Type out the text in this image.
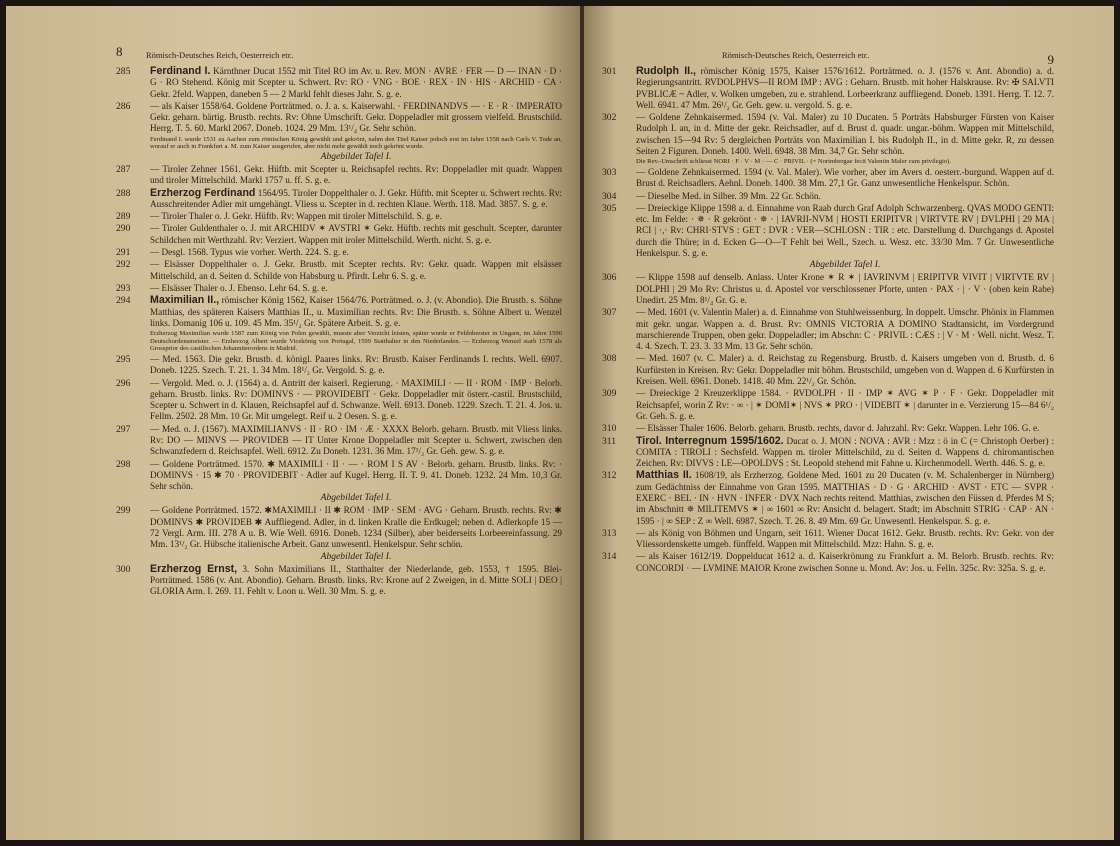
8	Römisch-Deutsches Reich, Oesterreich etc.
285 Ferdinand I. Kärnthner Ducat 1552 mit Titel RO im Av. u. Rev. MON · AVRE · FER — D — INAN · D · G · RO Stehend. König mit Scepter u. Schwert. Rv: RO · VNG · BOE · REX · IN · HIS · ARCHID · CA · Gekr. 2feld. Wappen, daneben 5 — 2 Markl fehlt dieses Jahr. S. g. e.
286 — als Kaiser 1558/64. Goldene Porträtmed. o. J. a. s. Kaiserwahl. · FERDINANDVS — · E · R · IMPERATO Gekr. geharn. bärtig. Brustb. rechts. Rv: Ohne Umschrift. Gekr. Doppeladler mit grossem vielfeld. Brustschild. Herrg. T. 5. 60. Markl 2067. Doneb. 1024. 29 Mm. 13¹/₄ Gr. Sehr schön.
Ferdinand I. wurde 1531 zu Aachen zum römischen König gewählt und gekrönt, nahm den Titel Kaiser jedoch erst im Jahre 1558 nach Carls V. Tode an, worauf er auch in Frankfurt a. M. zum Kaiser ausgerufen, aber nicht mehr gewählt noch gekrönt wurde.
Abgebildet Tafel I.
287 — Tiroler Zehner 1561. Gekr. Hüftb. mit Scepter u. Reichsapfel rechts. Rv: Doppeladler mit quadr. Wappen und tiroler Mittelschild. Markl 1757 u. ff. S. g. e.
288 Erzherzog Ferdinand 1564/95. Tiroler Doppelthaler o. J. Gekr. Hüftb. mit Scepter u. Schwert rechts. Rv: Ausschreitender Adler mit umgehängt. Vliess u. Scepter in d. rechten Klaue. Werth. 118. Mad. 3857. S. g. e.
289 — Tiroler Thaler o. J. Gekr. Hüftb. Rv: Wappen mit tiroler Mittelschild. S. g. e.
290 — Tiroler Guldenthaler o. J. mit ARCHIDV ✶ AVSTRI ✶ Gekr. Hüftb. rechts mit geschult. Scepter, darunter Schildchen mit Werthzahl. Rv: Verziert. Wappen mit iroler Mittelschild. Werth. nicht. S. g. e.
291 — Desgl. 1568. Typus wie vorher. Werth. 224. S. g. e.
292 — Elsässer Doppelthaler o. J. Gekr. Brustb. mit Scepter rechts. Rv: Gekr. quadr. Wappen mit elsässer Mittelschild, an d. Seiten d. Schilde von Habsburg u. Pfirdt. Lehr 6. S. g. e.
293 — Elsässer Thaler o. J. Ebenso. Lehr 64. S. g. e.
294 Maximilian II., römischer König 1562, Kaiser 1564/76. Porträtmed. o. J. (v. Abondio). Die Brustb. s. Söhne Matthias, des späteren Kaisers Matthias II., u. Maximilian rechts. Rv: Die Brustb. s. Söhne Albert u. Wenzel links. Domanig 106 u. 109. 45 Mm. 35¹/₂ Gr. Spätere Arbeit. S. g. e.
Erzherzog Maximilian wurde 1587 zum König von Polen gewählt, musste aber Verzicht leisten, später wurde er Feldoberster in Ungarn, im Jahre 1590 Deutschordensmeister. — Erzherzog Albert wurde Vicekönig von Portugal, 1599 Statthalter in den Niederlanden. — Erzherzog Wenzel starb 1578 als Grossprior des castilischen Johanniterordens in Madrid.
295 — Med. 1563. Die gekr. Brustb. d. königl. Paares links. Rv: Brustb. Kaiser Ferdinands I. rechts. Well. 6907. Doneb. 1225. Szech. T. 21. 1. 34 Mm. 18¹/₂ Gr. Vergold. S. g. e.
296 — Vergold. Med. o. J. (1564) a. d. Antritt der kaiserl. Regierung. · MAXIMILI · — II · ROM · IMP · Belorb. geharn. Brustb. links. Rv: DOMINVS · — PROVIDEBIT · Gekr. Doppeladler mit österr.-castil. Brustschild, Scepter u. Schwert in d. Klauen, Reichsapfel auf d. Schwanze. Well. 6913. Doneb. 1229. Szech. T. 21. 4. Jos. u. Fellm. 2502. 28 Mm. 10 Gr. Mit umgelegt. Reif u. 2 Oesen. S. g. e.
297 — Med. o. J. (1567). MAXIMILIANVS · II · RO · IM · Æ · XXXX Belorb. geharn. Brustb. mit Vliess links. Rv: DO — MINVS — PROVIDEB — IT Unter Krone Doppeladler mit Scepter u. Schwert, zwischen den Schwanzfedern d. Reichsapfel. Well. 6912. Zu Doneb. 1231. 36 Mm. 17¹/₂ Gr. Geh. gew. S. g. e.
298 — Goldene Porträtmed. 1570. ✱ MAXIMILI · II · — · ROM I S AV · Belorb. geharn. Brustb. links. Rv: · DOMINVS · 15 ✱ 70 · PROVIDEBIT · Adler auf Kugel. Herrg. II. T. 9. 41. Doneb. 1232. 24 Mm. 10,3 Gr. Sehr schön.
Abgebildet Tafel I.
299 — Goldene Porträtmed. 1572. ✱MAXIMILI · II ✱ ROM · IMP · SEM · AVG · Geharn. Brustb. rechts. Rv: ✱ DOMINVS ✱ PROVIDEB ✱ Auffliegend. Adler, in d. linken Kralle die Erdkugel; neben d. Adlerkopfe 15 — 72 Vergl. Arm. III. 278 A u. B. Wie Well. 6916. Doneb. 1234 (Silber), aber beiderseits Lorbeereinfassung. 29 Mm. 13¹/₂ Gr. Hübsche italienische Arbeit. Ganz unwesentl. Henkelspur. Sehr schön.
Abgebildet Tafel I.
300 Erzherzog Ernst, 3. Sohn Maximilians II., Statthalter der Niederlande, geb. 1553, † 1595. Blei-Porträtmed. 1586 (v. Ant. Abondio). Geharn. Brustb. links. Rv: Krone auf 2 Zweigen, in d. Mitte SOLI | DEO | GLORIA Arm. I. 269. 11. Fehlt v. Loon u. Well. 30 Mm. S. g. e.
Römisch-Deutsches Reich, Oesterreich etc.	9
301 Rudolph II., römischer König 1575, Kaiser 1576/1612. Porträtmed. o. J. (1576 v. Ant. Abondio) a. d. Regierungsantritt. RVDOLPHVS—II ROM IMP : AVG : Geharn. Brustb. mit hoher Halskrause. Rv: ✠ SALVTI PVBLICÆ ~ Adler, v. Wolken umgeben, zu e. strahlend. Lorbeerkranz auffliegend. Doneb. 1391. Herrg. T. 12. 7. Well. 6941. 47 Mm. 26¹/₂ Gr. Geh. gew. u. vergold. S. g. e.
302 — Goldene Zehnkaisermed. 1594 (v. Val. Maler) zu 10 Ducaten. 5 Porträts Habsburger Fürsten von Kaiser Rudolph I. an, in d. Mitte der gekr. Reichsadler, auf d. Brust d. quadr. ungar.-böhm. Wappen mit Mittelschild, zwischen 15—94 Rv: 5 dergleichen Porträts von Maximilian I. bis Rudolph II., in d. Mitte gekr. R, zu dessen Seiten 2 Figuren. Doneb. 1400. Well. 6948. 38 Mm. 34,7 Gr. Sehr schön.
Die Rev.-Umschrift schliesst NORI · F · V · M · — C · PRIVIL · (= Norimbergae fecit Valentin Maler cum privilegio).
303 — Goldene Zehnkaisermed. 1594 (v. Val. Maler). Wie vorher, aber im Avers d. oesterr.-burgund. Wappen auf d. Brust d. Reichsadlers. Aehnl. Doneb. 1400. 38 Mm. 27,1 Gr. Ganz unwesentliche Henkelspur. Schön.
304 — Dieselbe Med. in Silber. 39 Mm. 22 Gr. Schön.
305 — Dreieckige Klippe 1598 a. d. Einnahme von Raab durch Graf Adolph Schwarzenberg. QVAS MODO GENTI: etc. Im Felde: · ✵ · R gekrönt · ✵ · | IAVRII-NVM | HOSTI ERIPITVR | VIRTVTE RV | DVLPHI | 29 MA | RCI | ·,· Rv: CHRI·STVS : GET : DVR : VER—SCHLOSN : TIR : etc. Darstellung d. Durchgangs d. Apostel durch die Thüre; in d. Ecken G—O—T Fehlt bei Well., Szech. u. Wesz. etc. 33/30 Mm. 7 Gr. Unwesentliche Henkelspur. S. g. e.
Abgebildet Tafel I.
306 — Klippe 1598 auf denselb. Anlass. Unter Krone ✶ R ✶ | IAVRINVM | ERIPITVR VIVIT | VIRTVTE RV | DOLPHI | 29 Mo Rv: Christus u. d. Apostel vor verschlossener Pforte, unten · PAX · | · V · (oben kein Rabe) Unedirt. 25 Mm. 8¹/₄ Gr. G. e.
307 — Med. 1601 (v. Valentin Maler) a. d. Einnahme von Stuhlweissenburg. In doppelt. Umschr. Phönix in Flammen mit gekr. ungar. Wappen a. d. Brust. Rv: OMNIS VICTORIA A DOMINO Stadtansicht, im Vordergrund marschierende Truppen, oben gekr. Doppeladler; im Abschn: C · PRIVIL : CÆS : | V · M · Well. nicht. Wesz. T. 4. 4. Szech. T. 23. 3. 33 Mm. 13 Gr. Sehr schön.
308 — Med. 1607 (v. C. Maler) a. d. Reichstag zu Regensburg. Brustb. d. Kaisers umgeben von d. Brustb. d. 6 Kurfürsten in Kreisen. Rv: Gekr. Doppeladler mit böhm. Brustschild, umgeben von d. Wappen d. 6 Kurfürsten in Kreisen. Well. 6961. Doneb. 1418. 40 Mm. 22¹/₂ Gr. Schön.
309 — Dreieckige 2 Kreuzerklippe 1584. · RVDOLPH · II · IMP ✶ AVG ✶ P · F · Gekr. Doppeladler mit Reichsapfel, worin Z Rv: · ∞ · | ✶ DOMI✶ | NVS ✶ PRO · | VIDEBIT ✶ | darunter in e. Verzierung 15—84 6¹/₂ Gr. Geh. S. g. e.
310 — Elsässer Thaler 1606. Belorb. geharn. Brustb. rechts, davor d. Jahrzahl. Rv: Gekr. Wappen. Lehr 106. G. e.
311 Tirol. Interregnum 1595/1602. Ducat o. J. MON : NOVA : AVR : Mzz : ö in C (= Christoph Oerber) : COMITA : TIROLI : Sechsfeld. Wappen m. tiroler Mittelschild, zu d. Seiten d. Wappens d. chiromantischen Zeichen. Rv: DIVVS : LE—OPOLDVS : St. Leopold stehend mit Fahne u. Kirchenmodell. Werth. 446. S. g. e.
312 Matthias II. 1608/19, als Erzherzog. Goldene Med. 1601 zu 20 Ducaten (v. M. Schalenberger in Nürnberg) zum Gedächtniss der Einnahme von Gran 1595. MATTHIAS · D · G · ARCHID · AVST · ETC — SVPR · EXERC · BEL · IN · HVN · INFER · DVX Nach rechts reitend. Matthias, zwischen den Füssen d. Pferdes M S; im Abschnitt ✵ MILITEMVS ✶ | ∞ 1601 ∞ Rv: Ansicht d. belagert. Stadt; im Abschnitt STRIG · CAP · AN · 1595 · | ∞ SEP : Z ∞ Well. 6987. Szech. T. 26. 8. 49 Mm. 69 Gr. Unwesentl. Henkelspur. S. g. e.
313 — als König von Böhmen und Ungarn, seit 1611. Wiener Ducat 1612. Gekr. Brustb. rechts. Rv: Gekr. von der Vliessordenskette umgeb. fünffeld. Wappen mit Mittelschild. Mzz: Hahn. S. g. e.
314 — als Kaiser 1612/19. Doppelducat 1612 a. d. Kaiserkrönung zu Frankfurt a. M. Belorb. Brustb. rechts. Rv: CONCORDI · — LVMINE MAIOR Krone zwischen Sonne u. Mond. Av: Jos. u. Felln. 325c. Rv: 325a. S. g. e.
